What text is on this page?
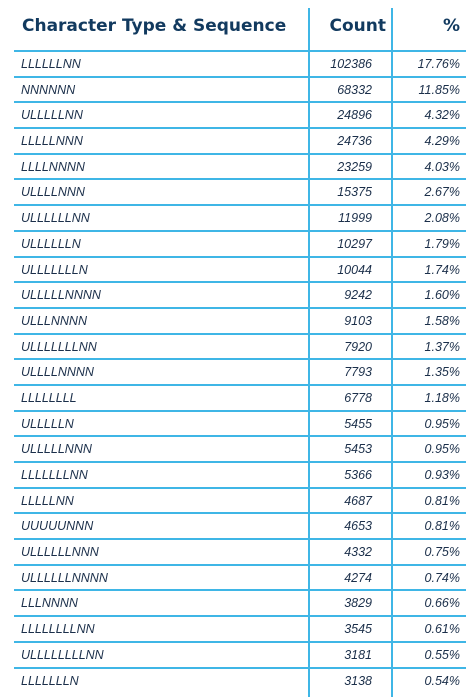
Character Type & Sequence	Count	%
LLLLLLNN	102386	17.76%
NNNNNN	68332	11.85%
ULLLLLNN	24896	4.32%
LLLLLNNN	24736	4.29%
LLLLNNNN	23259	4.03%
ULLLLNNN	15375	2.67%
ULLLLLLNN	11999	2.08%
ULLLLLLN	10297	1.79%
ULLLLLLLN	10044	1.74%
ULLLLLNNNN	9242	1.60%
ULLLNNNN	9103	1.58%
ULLLLLLLNN	7920	1.37%
ULLLLNNNN	7793	1.35%
LLLLLLLL	6778	1.18%
ULLLLLN	5455	0.95%
ULLLLLNNN	5453	0.95%
LLLLLLLNN	5366	0.93%
LLLLLNN	4687	0.81%
UUUUUNNN	4653	0.81%
ULLLLLLNNN	4332	0.75%
ULLLLLLNNNN	4274	0.74%
LLLNNNN	3829	0.66%
LLLLLLLLNN	3545	0.61%
ULLLLLLLLNN	3181	0.55%
LLLLLLLN	3138	0.54%
